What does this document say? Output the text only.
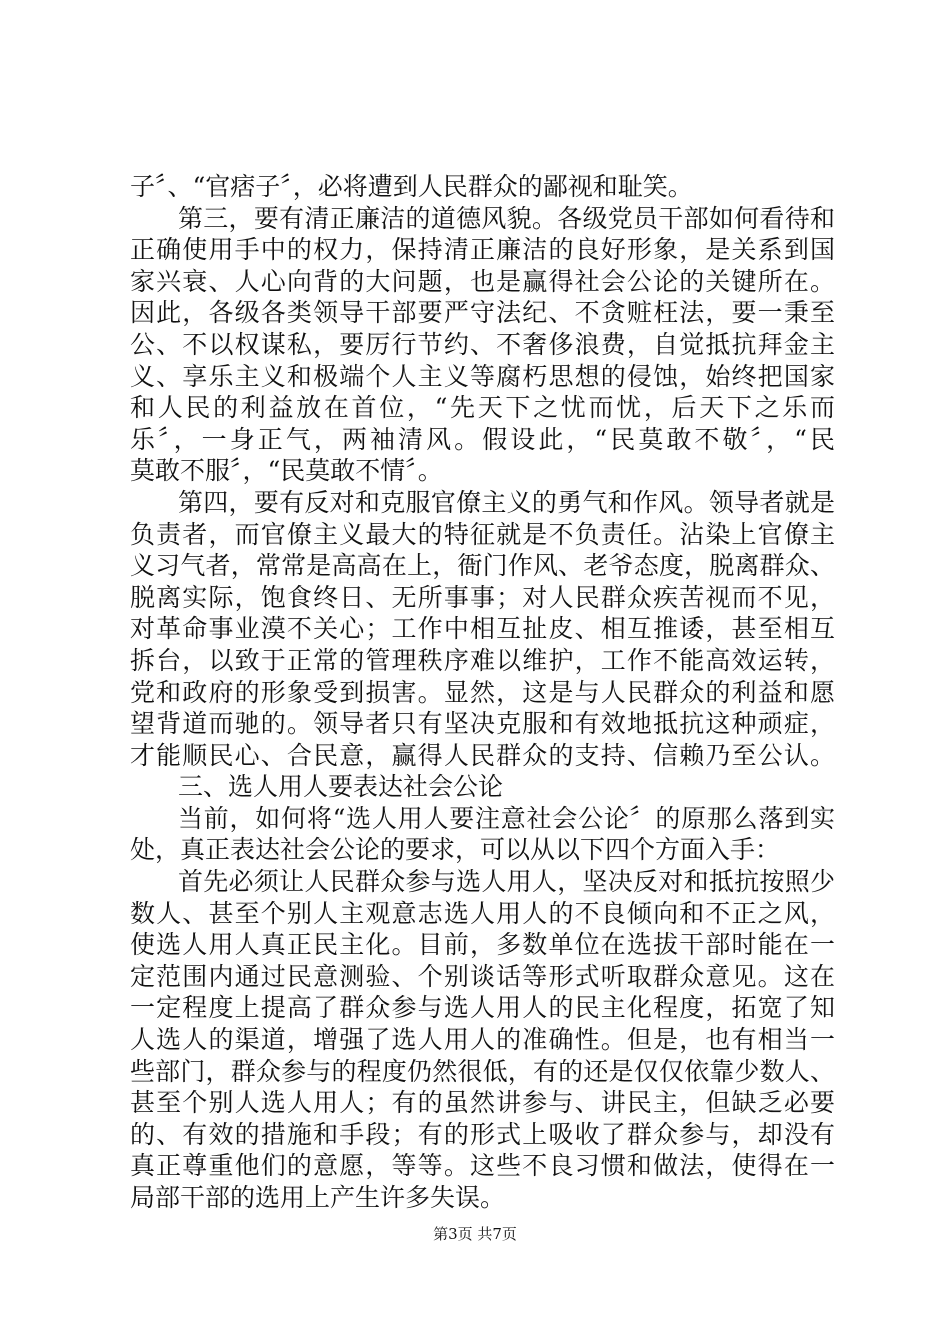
子〞、“官痞子〞，必将遭到人民群众的鄙视和耻笑。
第三，要有清正廉洁的道德风貌。各级党员干部如何看待和
正确使用手中的权力，保持清正廉洁的良好形象，是关系到国
家兴衰、人心向背的大问题，也是赢得社会公论的关键所在。
因此，各级各类领导干部要严守法纪、不贪赃枉法，要一秉至
公、不以权谋私，要厉行节约、不奢侈浪费，自觉抵抗拜金主
义、享乐主义和极端个人主义等腐朽思想的侵蚀，始终把国家
和人民的利益放在首位，“先天下之忧而忧，后天下之乐而
乐〞，一身正气，两袖清风。假设此，“民莫敢不敬〞，“民
莫敢不服〞，“民莫敢不情〞。
第四，要有反对和克服官僚主义的勇气和作风。领导者就是
负责者，而官僚主义最大的特征就是不负责任。沾染上官僚主
义习气者，常常是高高在上，衙门作风、老爷态度，脱离群众、
脱离实际，饱食终日、无所事事；对人民群众疾苦视而不见，
对革命事业漠不关心；工作中相互扯皮、相互推诿，甚至相互
拆台，以致于正常的管理秩序难以维护，工作不能高效运转，
党和政府的形象受到损害。显然，这是与人民群众的利益和愿
望背道而驰的。领导者只有坚决克服和有效地抵抗这种顽症，
才能顺民心、合民意，赢得人民群众的支持、信赖乃至公认。
三、选人用人要表达社会公论
当前，如何将“选人用人要注意社会公论〞的原那么落到实
处，真正表达社会公论的要求，可以从以下四个方面入手：
首先必须让人民群众参与选人用人，坚决反对和抵抗按照少
数人、甚至个别人主观意志选人用人的不良倾向和不正之风，
使选人用人真正民主化。目前，多数单位在选拔干部时能在一
定范围内通过民意测验、个别谈话等形式听取群众意见。这在
一定程度上提高了群众参与选人用人的民主化程度，拓宽了知
人选人的渠道，增强了选人用人的准确性。但是，也有相当一
些部门，群众参与的程度仍然很低，有的还是仅仅依靠少数人、
甚至个别人选人用人；有的虽然讲参与、讲民主，但缺乏必要
的、有效的措施和手段；有的形式上吸收了群众参与，却没有
真正尊重他们的意愿，等等。这些不良习惯和做法，使得在一
局部干部的选用上产生许多失误。
第3页 共7页
